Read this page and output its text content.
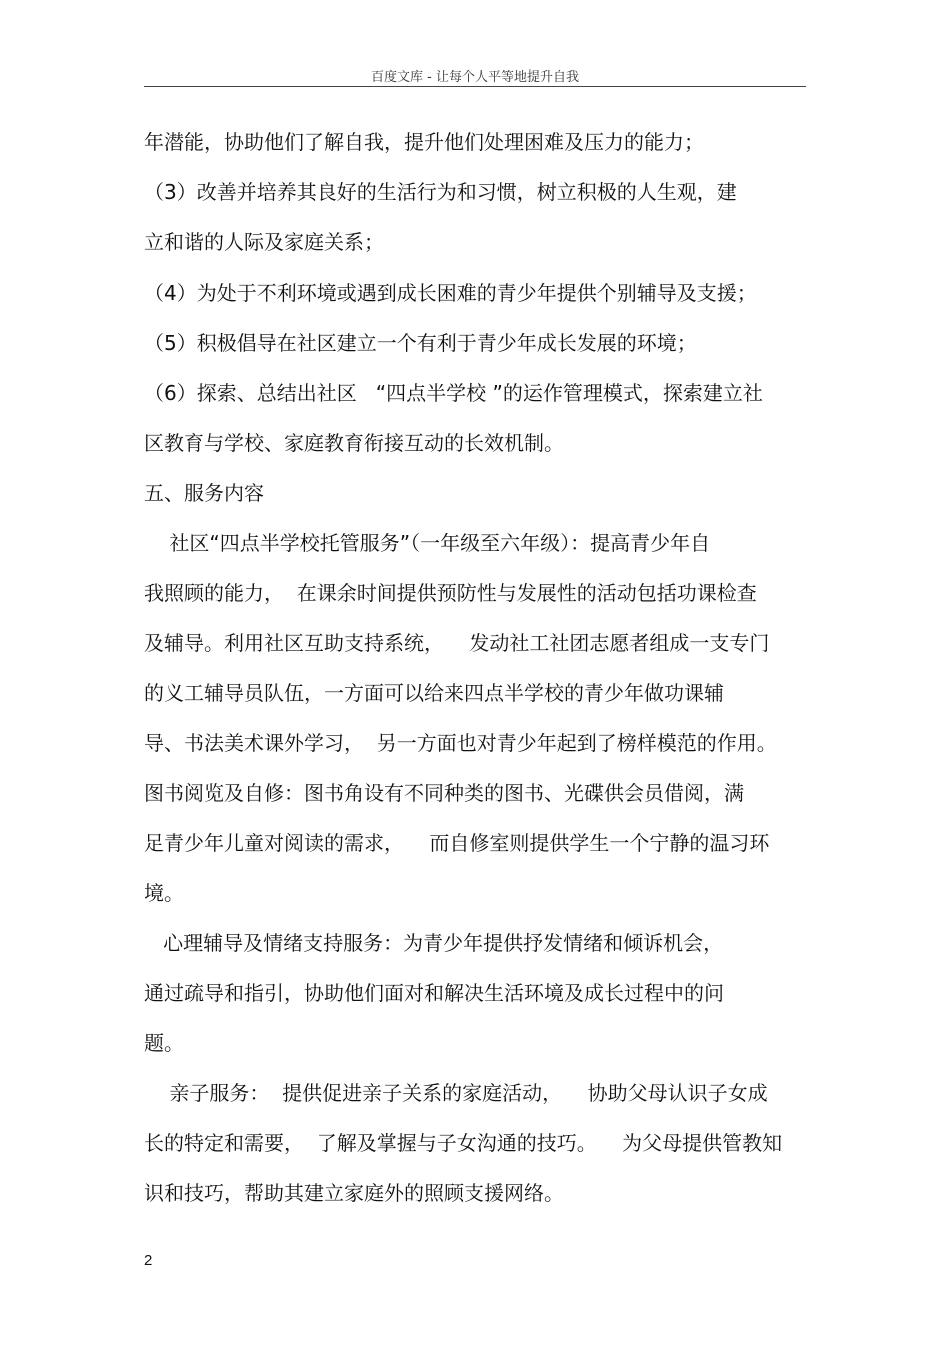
百度文库 - 让每个人平等地提升自我
年潜能，协助他们了解自我，提升他们处理困难及压力的能力；
（3）改善并培养其良好的生活行为和习惯，树立积极的人生观，建
立和谐的人际及家庭关系；
（4）为处于不利环境或遇到成长困难的青少年提供个别辅导及支援；
（5）积极倡导在社区建立一个有利于青少年成长发展的环境；
（6）探索、总结出社区   “四点半学校 ”的运作管理模式，探索建立社
区教育与学校、家庭教育衔接互动的长效机制。
五、服务内容
社区“四点半学校托管服务”（一年级至六年级）：提高青少年自
我照顾的能力，  在课余时间提供预防性与发展性的活动包括功课检查
及辅导。利用社区互助支持系统，    发动社工社团志愿者组成一支专门
的义工辅导员队伍，一方面可以给来四点半学校的青少年做功课辅
导、书法美术课外学习，  另一方面也对青少年起到了榜样模范的作用。
图书阅览及自修：图书角设有不同种类的图书、光碟供会员借阅，满
足青少年儿童对阅读的需求，    而自修室则提供学生一个宁静的温习环
境。
心理辅导及情绪支持服务：为青少年提供抒发情绪和倾诉机会，
通过疏导和指引，协助他们面对和解决生活环境及成长过程中的问
题。
亲子服务：  提供促进亲子关系的家庭活动，    协助父母认识子女成
长的特定和需要，  了解及掌握与子女沟通的技巧。    为父母提供管教知
识和技巧，帮助其建立家庭外的照顾支援网络。
2
